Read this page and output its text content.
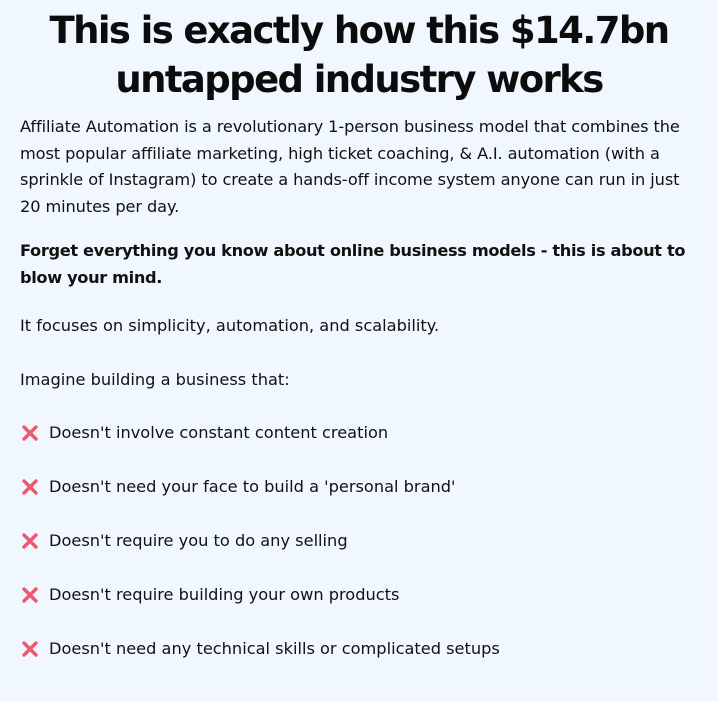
This is exactly how this $14.7bn
untapped industry works

Affiliate Automation is a revolutionary 1-person business model that combines the most popular affiliate marketing, high ticket coaching, & A.I. automation (with a sprinkle of Instagram) to create a hands-off income system anyone can run in just 20 minutes per day.

Forget everything you know about online business models - this is about to blow your mind.

It focuses on simplicity, automation, and scalability.

Imagine building a business that:

Doesn't involve constant content creation
Doesn't need your face to build a 'personal brand'
Doesn't require you to do any selling
Doesn't require building your own products
Doesn't need any technical skills or complicated setups
